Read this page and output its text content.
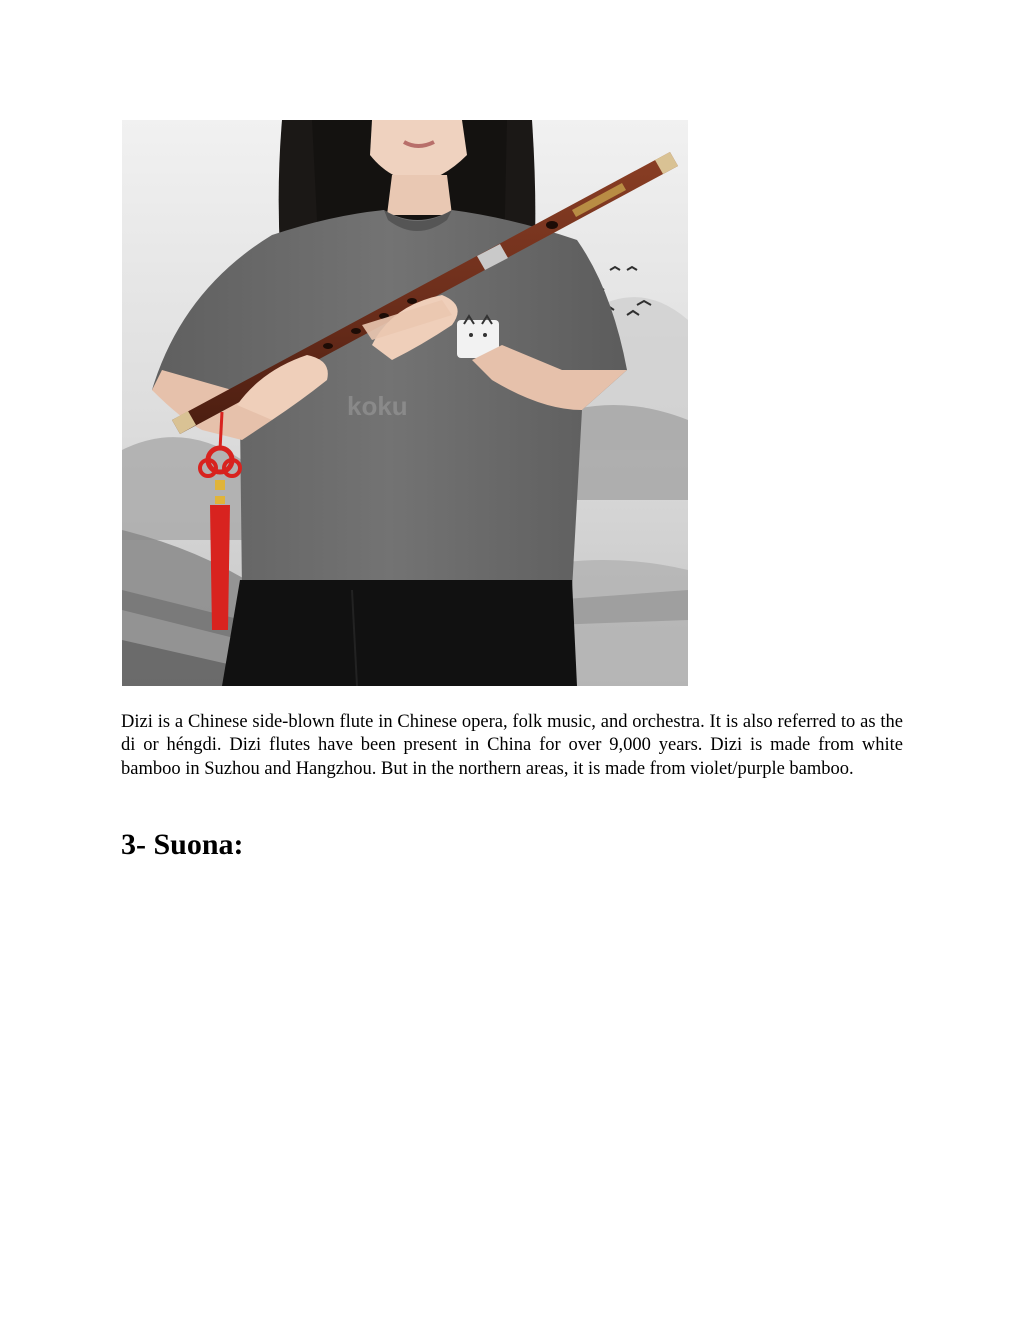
koku

Dizi is a Chinese side-blown flute in Chinese opera, folk music, and orchestra. It is also referred to as the di or héngdi. Dizi flutes have been present in China for over 9,000 years. Dizi is made from white bamboo in Suzhou and Hangzhou. But in the northern areas, it is made from violet/purple bamboo.

3- Suona:
